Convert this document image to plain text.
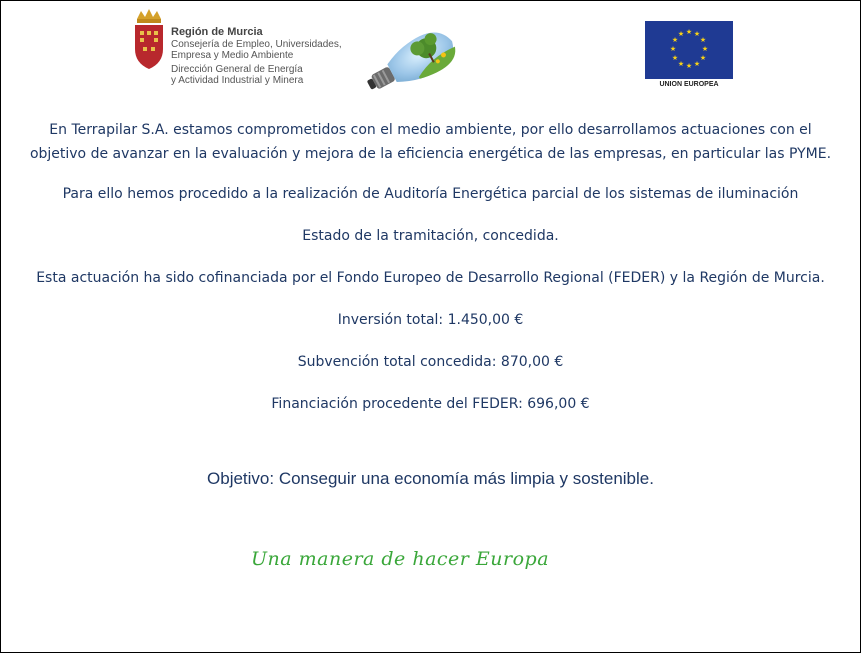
Región de Murcia
Consejería de Empleo, Universidades,
Empresa y Medio Ambiente
Dirección General de Energía
y Actividad Industrial y Minera
★ ★
★
★
★
★
★
★
★
★
★
★
UNION EUROPEA

En Terrapilar S.A. estamos comprometidos con el medio ambiente, por ello desarrollamos actuaciones con el objetivo de avanzar en la evaluación y mejora de la eficiencia energética de las empresas, en particular las PYME.

Para ello hemos procedido a la realización de Auditoría Energética parcial de los sistemas de iluminación

Estado de la tramitación, concedida.

Esta actuación ha sido cofinanciada por el Fondo Europeo de Desarrollo Regional (FEDER) y la Región de Murcia.

Inversión total: 1.450,00 €

Subvención total concedida: 870,00 €

Financiación procedente del FEDER: 696,00 €

Objetivo: Conseguir una economía más limpia y sostenible.
Una manera de hacer Europa
